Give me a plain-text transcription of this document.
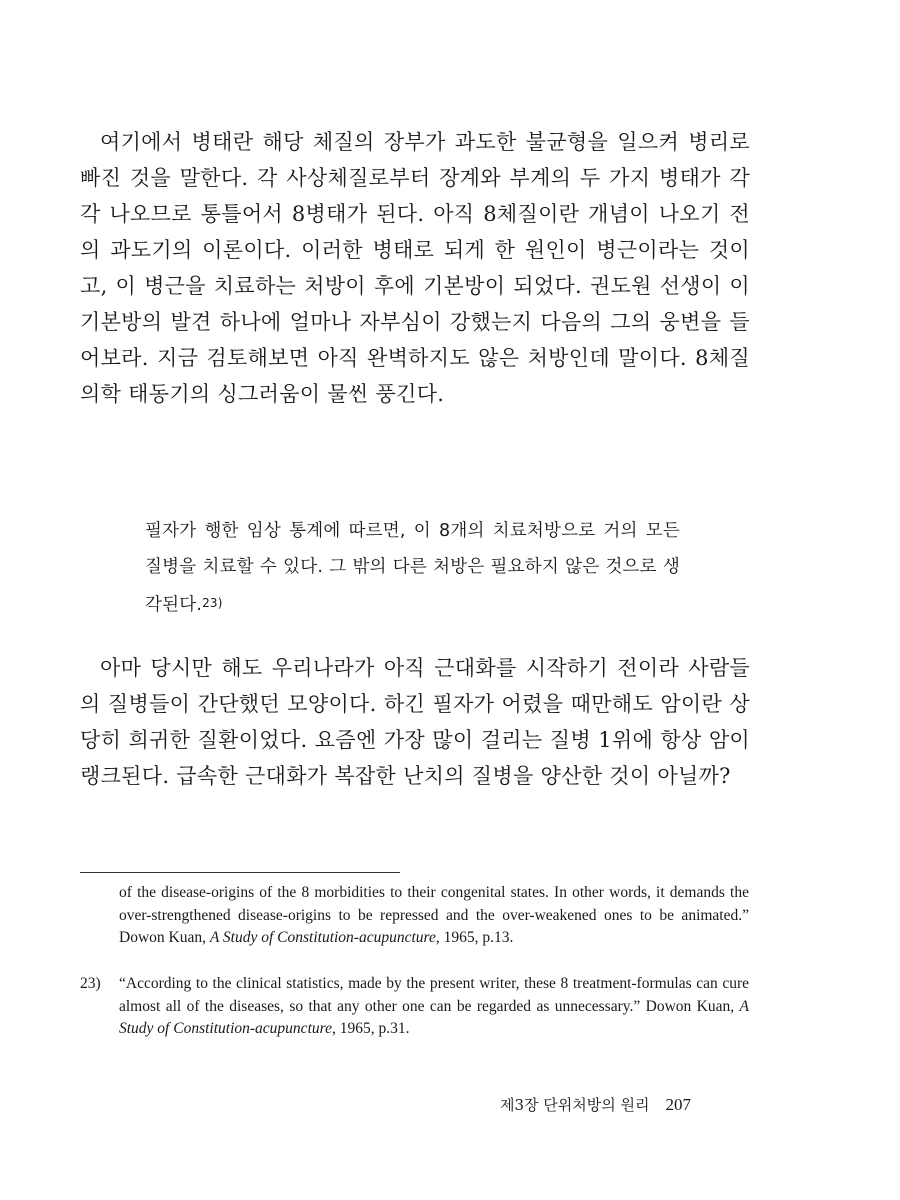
여기에서 병태란 해당 체질의 장부가 과도한 불균형을 일으켜 병리로 빠진 것을 말한다. 각 사상체질로부터 장계와 부계의 두 가지 병태가 각각 나오므로 통틀어서 8병태가 된다. 아직 8체질이란 개념이 나오기 전의 과도기의 이론이다. 이러한 병태로 되게 한 원인이 병근이라는 것이고, 이 병근을 치료하는 처방이 후에 기본방이 되었다. 권도원 선생이 이 기본방의 발견 하나에 얼마나 자부심이 강했는지 다음의 그의 웅변을 들어보라. 지금 검토해보면 아직 완벽하지도 않은 처방인데 말이다. 8체질의학 태동기의 싱그러움이 물씬 풍긴다.

필자가 행한 임상 통계에 따르면, 이 8개의 치료처방으로 거의 모든 질병을 치료할 수 있다. 그 밖의 다른 처방은 필요하지 않은 것으로 생각된다.$^{23)}$

아마 당시만 해도 우리나라가 아직 근대화를 시작하기 전이라 사람들의 질병들이 간단했던 모양이다. 하긴 필자가 어렸을 때만해도 암이란 상당히 희귀한 질환이었다. 요즘엔 가장 많이 걸리는 질병 1위에 항상 암이 랭크된다. 급속한 근대화가 복잡한 난치의 질병을 양산한 것이 아닐까?

of the disease-origins of the 8 morbidities to their congenital states. In other words, it demands the over-strengthened disease-origins to be repressed and the over-weakened ones to be animated.” Dowon Kuan, A Study of Constitution-acupuncture, 1965, p.13.

23) “According to the clinical statistics, made by the present writer, these 8 treatment-formulas can cure almost all of the diseases, so that any other one can be regarded as unnecessary.” Dowon Kuan, A Study of Constitution-acupuncture, 1965, p.31.

제3장 단위처방의 원리 207
